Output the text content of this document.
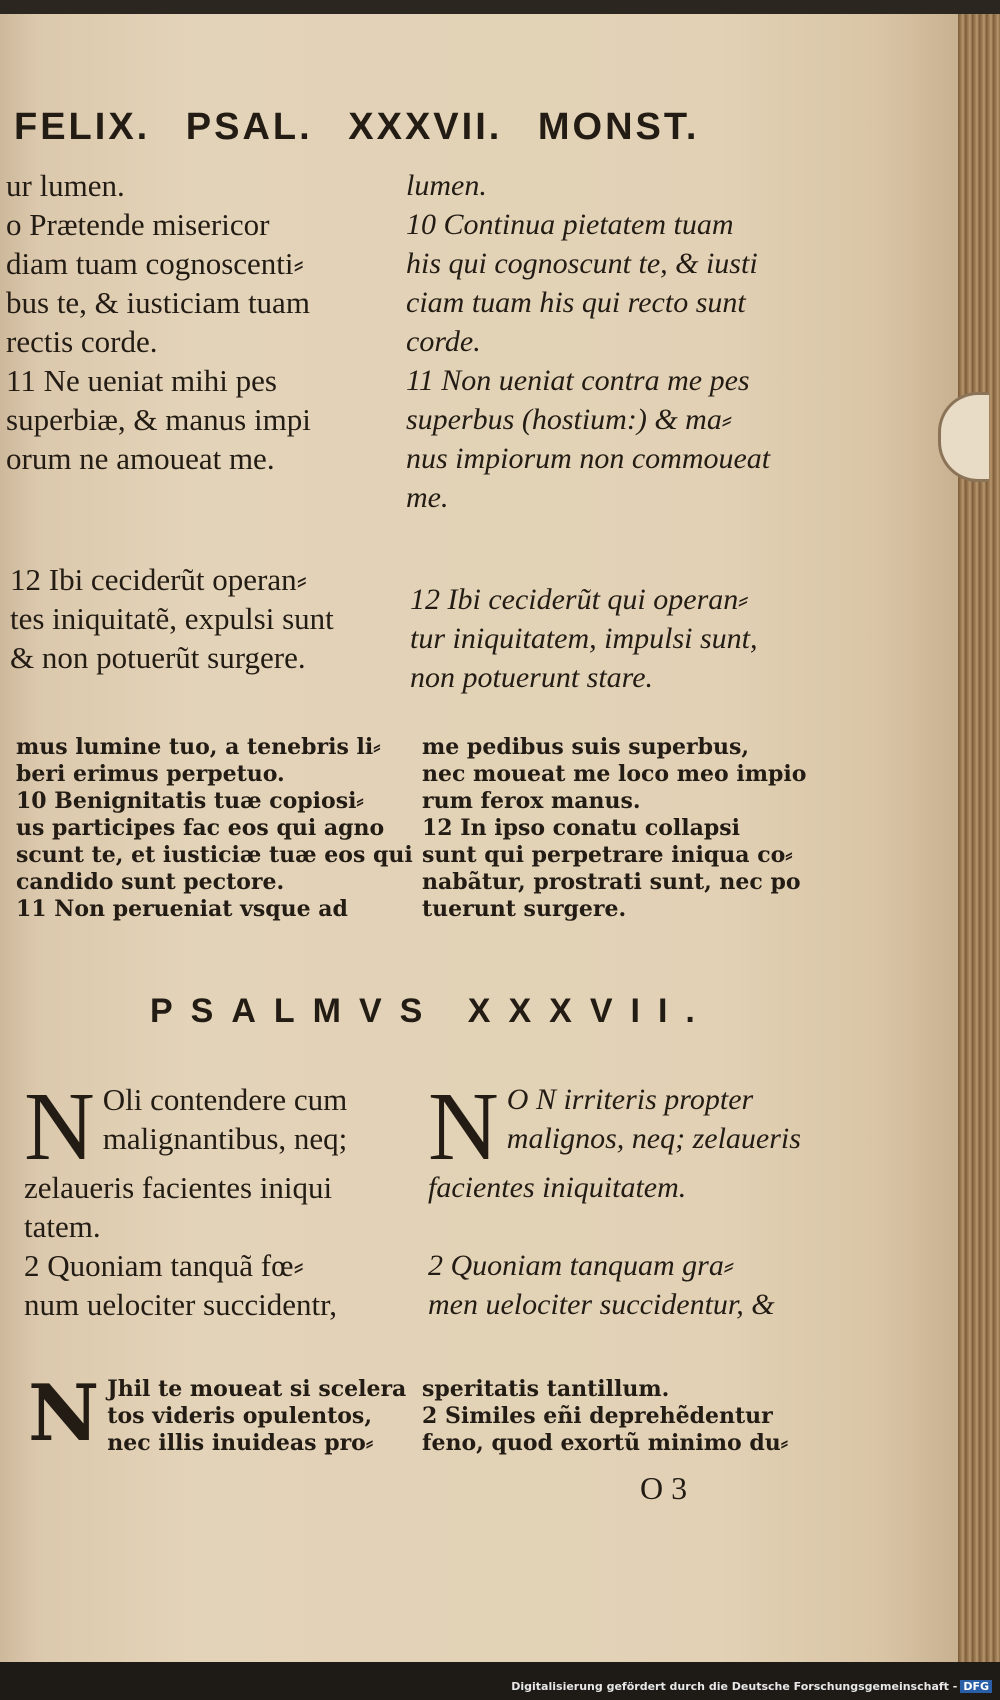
FELIX. PSAL. XXXVII. MONST.
ur lumen.
o Prætende misericor
diam tuam cognoscenti⸗
bus te, & iusticiam tuam
rectis corde.
11 Ne ueniat mihi pes
superbiæ, & manus impi
orum ne amoueat me.
lumen.
10 Continua pietatem tuam
his qui cognoscunt te, & iusti
ciam tuam his qui recto sunt
corde.
11 Non ueniat contra me pes
superbus (hostium:) & ma⸗
nus impiorum non commoueat
me.
12 Ibi ceciderũt operan⸗
tes iniquitatẽ, expulsi sunt
& non potuerũt surgere.
12 Ibi ceciderũt qui operan⸗
tur iniquitatem, impulsi sunt,
non potuerunt stare.
mus lumine tuo, a tenebris li⸗
beri erimus perpetuo.
10 Benignitatis tuæ copiosi⸗
us participes fac eos qui agno
scunt te, et iusticiæ tuæ eos qui
candido sunt pectore.
11 Non perueniat vsque ad
me pedibus suis superbus,
nec moueat me loco meo impio
rum ferox manus.
12 In ipso conatu collapsi
sunt qui perpetrare iniqua co⸗
nabãtur, prostrati sunt, nec po
tuerunt surgere.
PSALMVS XXXVII.
N Oli contendere cum
malignantibus, neq;
zelaueris facientes iniqui
tatem.
2 Quoniam tanquã fœ⸗
num uelociter succidentr,
N O N irriteris propter
malignos, neq; zelaueris
facientes iniquitatem.

2 Quoniam tanquam gra⸗
men uelociter succidentur, &
N Jhil te moueat si scelera
tos videris opulentos,
nec illis inuideas pro⸗
speritatis tantillum.
2 Similes eñi deprehẽdentur
feno, quod exortũ minimo du⸗
O 3
Digitalisierung gefördert durch die Deutsche Forschungsgemeinschaft - DFG
